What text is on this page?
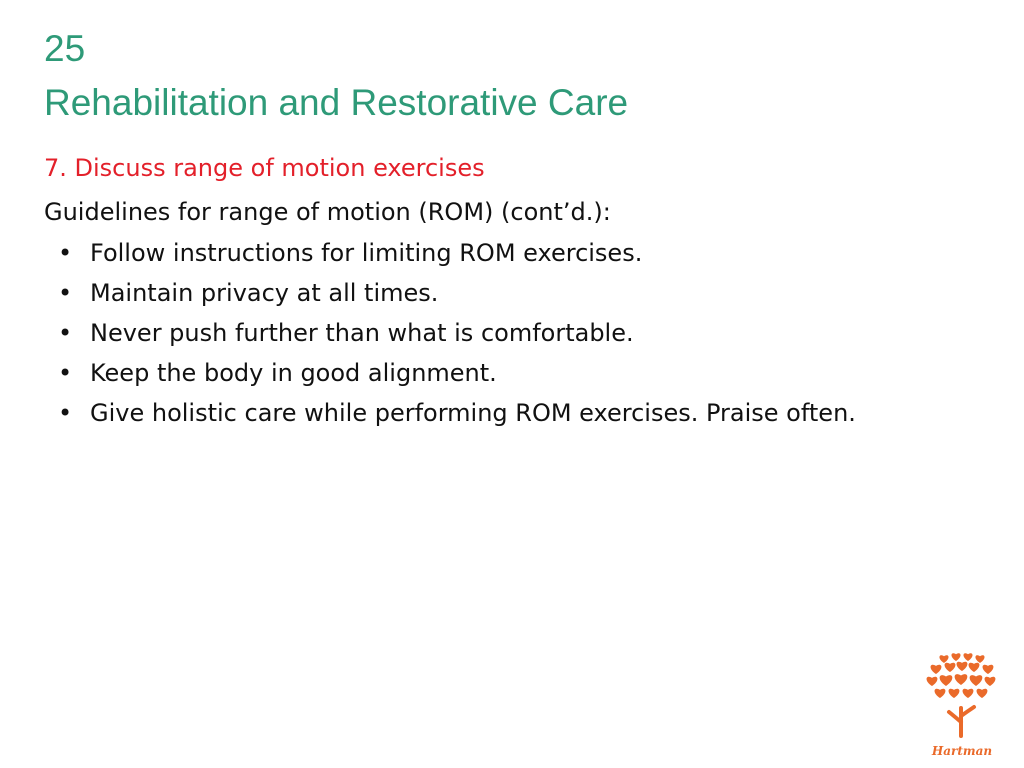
25
Rehabilitation and Restorative Care
7. Discuss range of motion exercises
Guidelines for range of motion (ROM) (cont’d.):
• Follow instructions for limiting ROM exercises.
• Maintain privacy at all times.
• Never push further than what is comfortable.
• Keep the body in good alignment.
• Give holistic care while performing ROM exercises. Praise often.
Hartman
